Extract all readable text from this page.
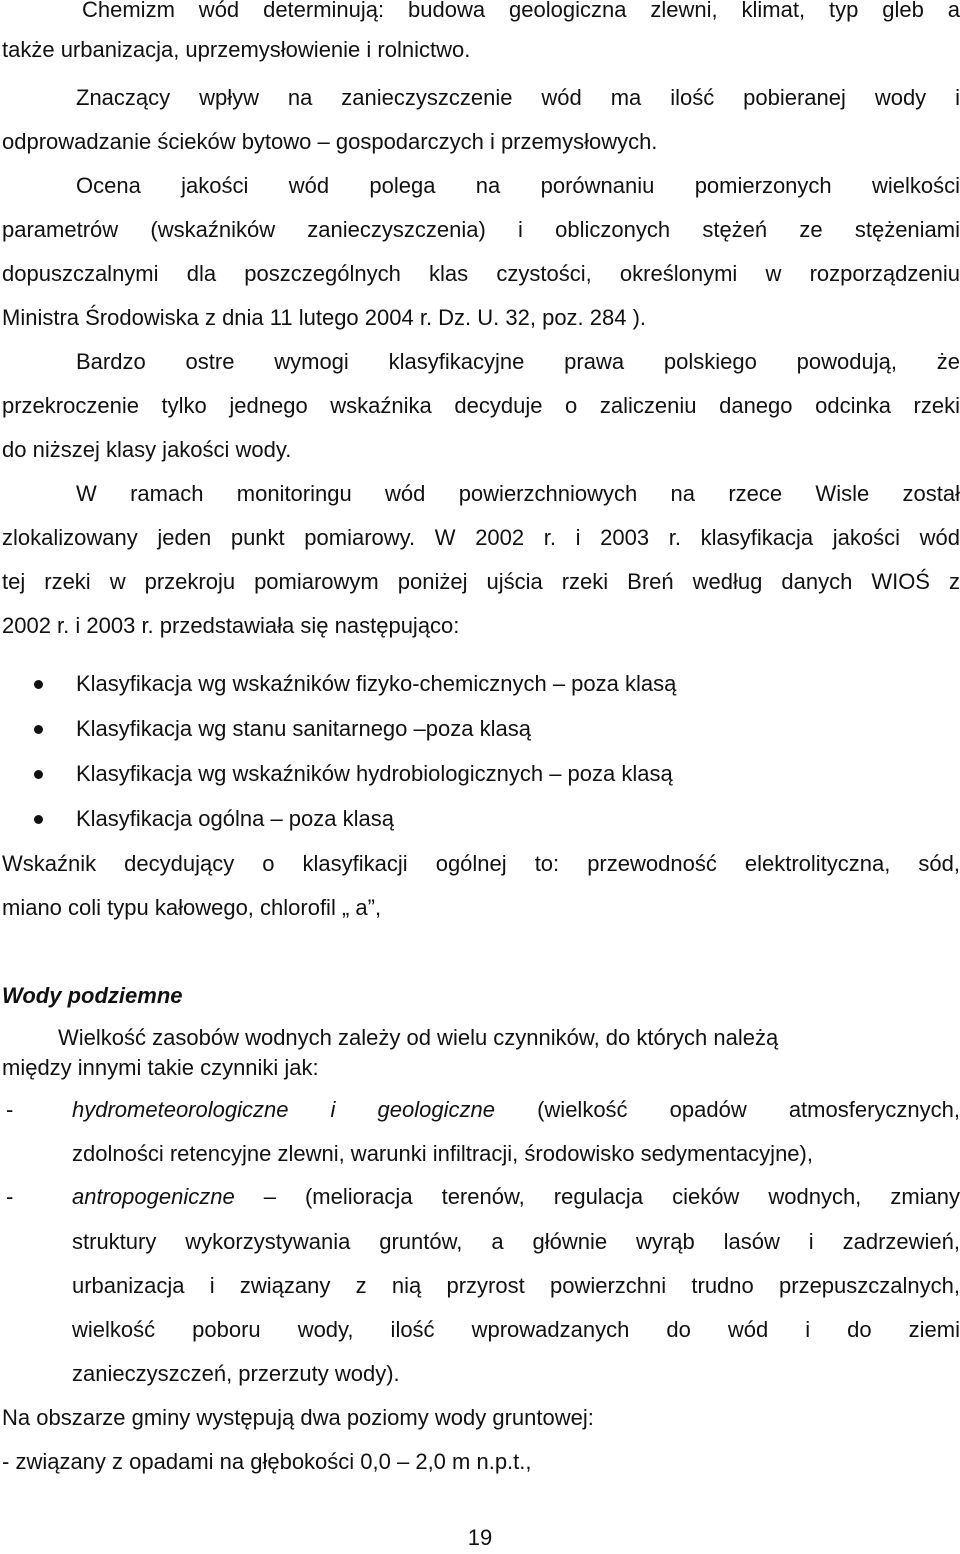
Chemizm wód determinują: budowa geologiczna zlewni, klimat, typ gleb a
także urbanizacja, uprzemysłowienie i rolnictwo.
Znaczący wpływ na zanieczyszczenie wód ma ilość pobieranej wody i
odprowadzanie ścieków bytowo – gospodarczych i przemysłowych.
Ocena jakości wód polega na porównaniu pomierzonych wielkości
parametrów (wskaźników zanieczyszczenia) i obliczonych stężeń ze stężeniami
dopuszczalnymi dla poszczególnych klas czystości, określonymi w rozporządzeniu
Ministra Środowiska z dnia 11 lutego 2004 r. Dz. U. 32, poz. 284 ).
Bardzo ostre wymogi klasyfikacyjne prawa polskiego powodują, że
przekroczenie tylko jednego wskaźnika decyduje o zaliczeniu danego odcinka rzeki
do niższej klasy jakości wody.
W ramach monitoringu wód powierzchniowych na rzece Wisle został
zlokalizowany jeden punkt pomiarowy. W 2002 r. i 2003 r. klasyfikacja jakości wód
tej rzeki w przekroju pomiarowym poniżej ujścia rzeki Breń według danych WIOŚ z
2002 r. i 2003 r. przedstawiała się następująco:
Klasyfikacja wg wskaźników fizyko-chemicznych – poza klasą
Klasyfikacja wg stanu sanitarnego –poza klasą
Klasyfikacja wg wskaźników hydrobiologicznych – poza klasą
Klasyfikacja ogólna – poza klasą
Wskaźnik decydujący o klasyfikacji ogólnej to: przewodność elektrolityczna, sód,
miano coli typu kałowego, chlorofil „ a”,
Wody podziemne
Wielkość zasobów wodnych zależy od wielu czynników, do których należą
między innymi takie czynniki jak:
-	hydrometeorologiczne i geologiczne (wielkość opadów atmosferycznych,
zdolności retencyjne zlewni, warunki infiltracji, środowisko sedymentacyjne),
-	antropogeniczne – (melioracja terenów, regulacja cieków wodnych, zmiany
struktury wykorzystywania gruntów, a głównie wyrąb lasów i zadrzewień,
urbanizacja i związany z nią przyrost powierzchni trudno przepuszczalnych,
wielkość poboru wody, ilość wprowadzanych do wód i do ziemi
zanieczyszczeń, przerzuty wody).
Na obszarze gminy występują dwa poziomy wody gruntowej:
- związany z opadami na głębokości 0,0 – 2,0 m n.p.t.,
19
